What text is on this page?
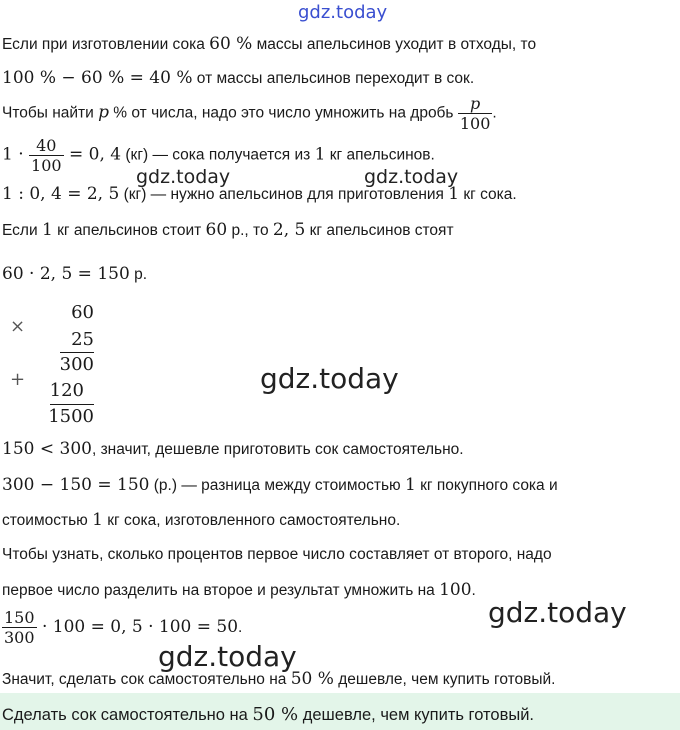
gdz.today
Если при изготовлении сока 60 % массы апельсинов уходит в отходы, то
100 % − 60 % = 40 % от массы апельсинов переходит в сок.
Чтобы найти p % от числа, надо это число умножить на дробь $\frac{p}{100}$ .
$1 \cdot \frac{40}{100} = 0$, 4 (кг) — сока получается из 1 кг апельсинов.
gdz.today	gdz.today
1 : 0, 4 = 2, 5 (кг) — нужно апельсинов для приготовления 1 кг сока.
Если 1 кг апельсинов стоит 60 р., то 2, 5 кг апельсинов стоят
60 · 2, 5 = 150 р.
×
60
25
300
+
120
1500
gdz.today
150 < 300, значит, дешевле приготовить сок самостоятельно.
300 − 150 = 150 (р.) — разница между стоимостью 1 кг покупного сока и
стоимостью 1 кг сока, изготовленного самостоятельно.
Чтобы узнать, сколько процентов первое число составляет от второго, надо
первое число разделить на второе и результат умножить на 100.
gdz.today
$\frac{150}{300} \cdot 100 = 0$, 5 · 100 = 50.
gdz.today
Значит, сделать сок самостоятельно на 50 % дешевле, чем купить готовый.
Сделать сок самостоятельно на 50 % дешевле, чем купить готовый.
